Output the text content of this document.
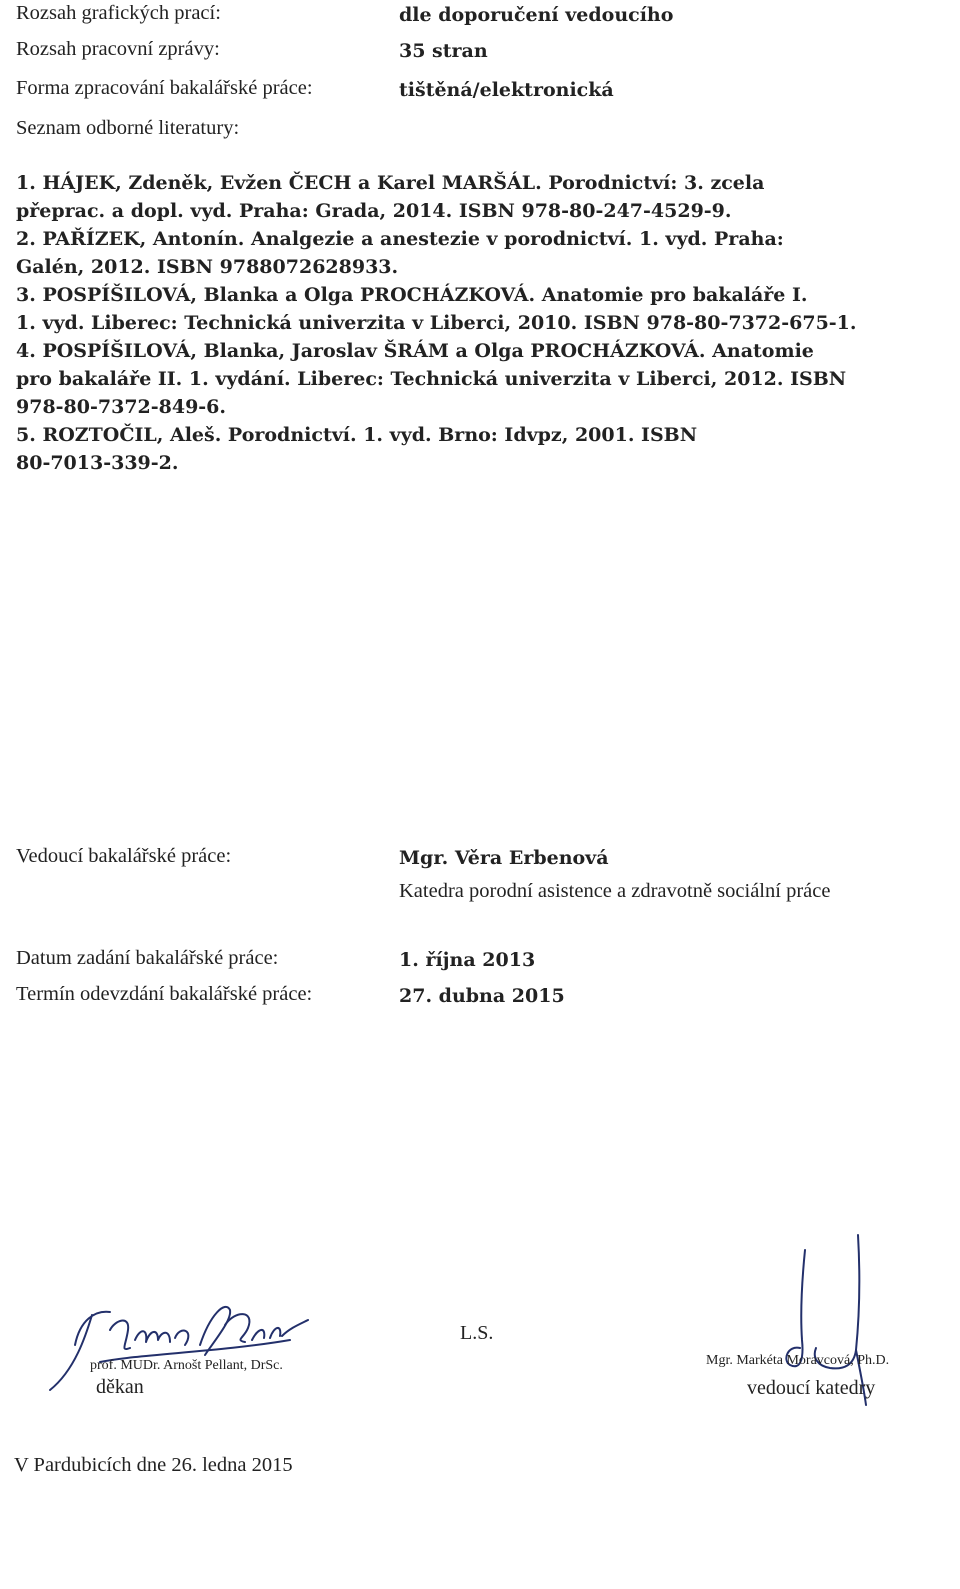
Rozsah grafických prací:	dle doporučení vedoucího
Rozsah pracovní zprávy:	35 stran
Forma zpracování bakalářské práce:	tištěná/elektronická
Seznam odborné literatury:
1. HÁJEK, Zdeněk, Evžen ČECH a Karel MARŠÁL. Porodnictví: 3. zcela
přeprac. a dopl. vyd. Praha: Grada, 2014. ISBN 978-80-247-4529-9.
2. PAŘÍZEK, Antonín. Analgezie a anestezie v porodnictví. 1. vyd. Praha:
Galén, 2012. ISBN 9788072628933.
3. POSPÍŠILOVÁ, Blanka a Olga PROCHÁZKOVÁ. Anatomie pro bakaláře I.
1. vyd. Liberec: Technická univerzita v Liberci, 2010. ISBN 978-80-7372-675-1.
4. POSPÍŠILOVÁ, Blanka, Jaroslav ŠRÁM a Olga PROCHÁZKOVÁ. Anatomie
pro bakaláře II. 1. vydání. Liberec: Technická univerzita v Liberci, 2012. ISBN
978-80-7372-849-6.
5. ROZTOČIL, Aleš. Porodnictví. 1. vyd. Brno: Idvpz, 2001. ISBN
80-7013-339-2.
Vedoucí bakalářské práce:	Mgr. Věra Erbenová
Katedra porodní asistence a zdravotně sociální práce
Datum zadání bakalářské práce:	1. října 2013
Termín odevzdání bakalářské práce:	27. dubna 2015
prof. MUDr. Arnošt Pellant, DrSc.
děkan
L.S.
Mgr. Markéta Moravcová, Ph.D.
vedoucí katedry
V Pardubicích dne 26. ledna 2015
